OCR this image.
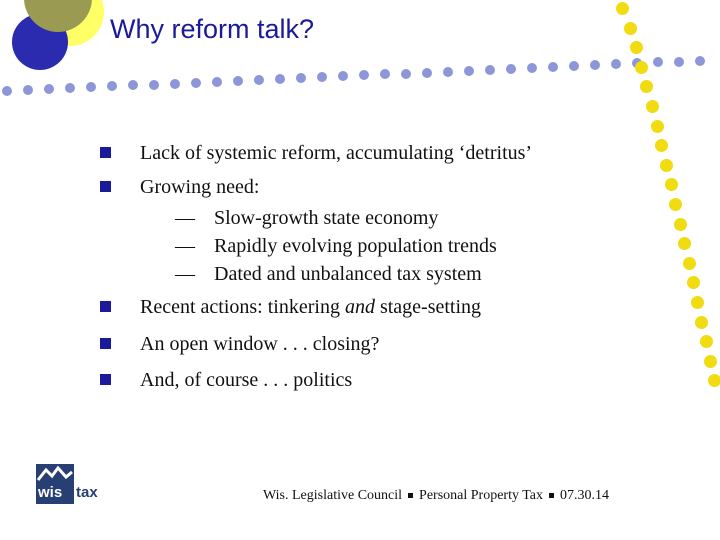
Why reform talk?
Lack of systemic reform, accumulating ‘detritus’
Growing need:
— Slow-growth state economy
— Rapidly evolving population trends
— Dated and unbalanced tax system
Recent actions: tinkering and stage-setting
An open window . . . closing?
And, of course . . . politics
wis tax	Wis. Legislative Council Personal Property Tax 07.30.14
